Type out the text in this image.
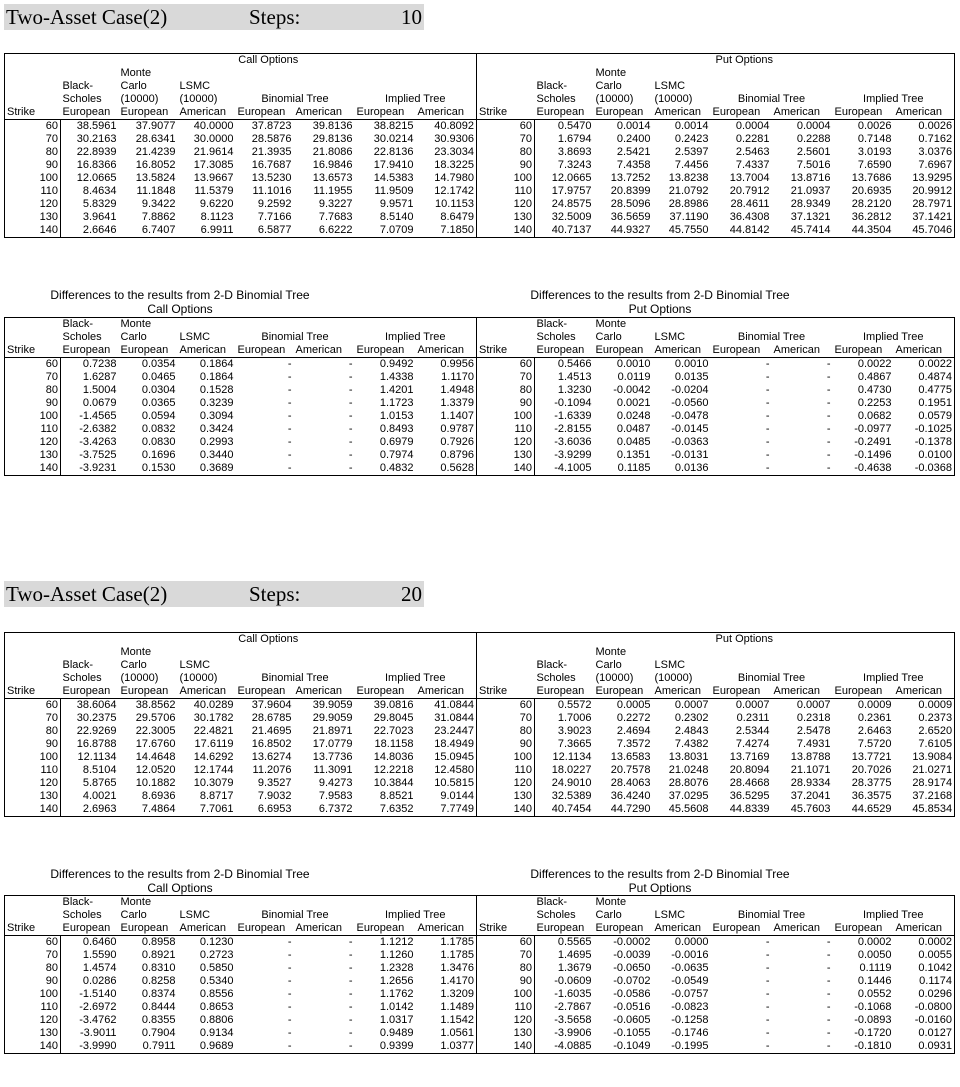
Two-Asset Case(2)	Steps:	10
	Call Options								Put Options						
		Monte								Monte					
	Black-	Carlo	LSMC						Black-	Carlo	LSMC				
	Scholes	(10000)	(10000)	Binomial Tree		Implied Tree			Scholes	(10000)	(10000)	Binomial Tree		Implied Tree	
Strike	European	European	American	European	American	European	American	Strike	European	European	American	European	American	European	American
60	38.5961	37.9077	40.0000	37.8723	39.8136	38.8215	40.8092	60	0.5470	0.0014	0.0014	0.0004	0.0004	0.0026	0.0026
70	30.2163	28.6341	30.0000	28.5876	29.8136	30.0214	30.9306	70	1.6794	0.2400	0.2423	0.2281	0.2288	0.7148	0.7162
80	22.8939	21.4239	21.9614	21.3935	21.8086	22.8136	23.3034	80	3.8693	2.5421	2.5397	2.5463	2.5601	3.0193	3.0376
90	16.8366	16.8052	17.3085	16.7687	16.9846	17.9410	18.3225	90	7.3243	7.4358	7.4456	7.4337	7.5016	7.6590	7.6967
100	12.0665	13.5824	13.9667	13.5230	13.6573	14.5383	14.7980	100	12.0665	13.7252	13.8238	13.7004	13.8716	13.7686	13.9295
110	8.4634	11.1848	11.5379	11.1016	11.1955	11.9509	12.1742	110	17.9757	20.8399	21.0792	20.7912	21.0937	20.6935	20.9912
120	5.8329	9.3422	9.6220	9.2592	9.3227	9.9571	10.1153	120	24.8575	28.5096	28.8986	28.4611	28.9349	28.2120	28.7971
130	3.9641	7.8862	8.1123	7.7166	7.7683	8.5140	8.6479	130	32.5009	36.5659	37.1190	36.4308	37.1321	36.2812	37.1421
140	2.6646	6.7407	6.9911	6.5877	6.6222	7.0709	7.1850	140	40.7137	44.9327	45.7550	44.8142	45.7414	44.3504	45.7046
Differences to the results from 2-D Binomial Tree
Call Options
Differences to the results from 2-D Binomial Tree
Put Options
	Black-	Monte							Black-	Monte					
	Scholes	Carlo	LSMC	Binomial Tree		Implied Tree			Scholes	Carlo	LSMC	Binomial Tree		Implied Tree	
Strike	European	European	American	European	American	European	American	Strike	European	European	American	European	American	European	American
60	0.7238	0.0354	0.1864	-	-	0.9492	0.9956	60	0.5466	0.0010	0.0010	-	-	0.0022	0.0022
70	1.6287	0.0465	0.1864	-	-	1.4338	1.1170	70	1.4513	0.0119	0.0135	-	-	0.4867	0.4874
80	1.5004	0.0304	0.1528	-	-	1.4201	1.4948	80	1.3230	-0.0042	-0.0204	-	-	0.4730	0.4775
90	0.0679	0.0365	0.3239	-	-	1.1723	1.3379	90	-0.1094	0.0021	-0.0560	-	-	0.2253	0.1951
100	-1.4565	0.0594	0.3094	-	-	1.0153	1.1407	100	-1.6339	0.0248	-0.0478	-	-	0.0682	0.0579
110	-2.6382	0.0832	0.3424	-	-	0.8493	0.9787	110	-2.8155	0.0487	-0.0145	-	-	-0.0977	-0.1025
120	-3.4263	0.0830	0.2993	-	-	0.6979	0.7926	120	-3.6036	0.0485	-0.0363	-	-	-0.2491	-0.1378
130	-3.7525	0.1696	0.3440	-	-	0.7974	0.8796	130	-3.9299	0.1351	-0.0131	-	-	-0.1496	0.0100
140	-3.9231	0.1530	0.3689	-	-	0.4832	0.5628	140	-4.1005	0.1185	0.0136	-	-	-0.4638	-0.0368
Two-Asset Case(2)	Steps:	20
	Call Options								Put Options						
		Monte								Monte					
	Black-	Carlo	LSMC						Black-	Carlo	LSMC				
	Scholes	(10000)	(10000)	Binomial Tree		Implied Tree			Scholes	(10000)	(10000)	Binomial Tree		Implied Tree	
Strike	European	European	American	European	American	European	American	Strike	European	European	American	European	American	European	American
60	38.6064	38.8562	40.0289	37.9604	39.9059	39.0816	41.0844	60	0.5572	0.0005	0.0007	0.0007	0.0007	0.0009	0.0009
70	30.2375	29.5706	30.1782	28.6785	29.9059	29.8045	31.0844	70	1.7006	0.2272	0.2302	0.2311	0.2318	0.2361	0.2373
80	22.9269	22.3005	22.4821	21.4695	21.8971	22.7023	23.2447	80	3.9023	2.4694	2.4843	2.5344	2.5478	2.6463	2.6520
90	16.8788	17.6760	17.6119	16.8502	17.0779	18.1158	18.4949	90	7.3665	7.3572	7.4382	7.4274	7.4931	7.5720	7.6105
100	12.1134	14.4648	14.6292	13.6274	13.7736	14.8036	15.0945	100	12.1134	13.6583	13.8031	13.7169	13.8788	13.7721	13.9084
110	8.5104	12.0520	12.1744	11.2076	11.3091	12.2218	12.4580	110	18.0227	20.7578	21.0248	20.8094	21.1071	20.7026	21.0271
120	5.8765	10.1882	10.3079	9.3527	9.4273	10.3844	10.5815	120	24.9010	28.4063	28.8076	28.4668	28.9334	28.3775	28.9174
130	4.0021	8.6936	8.8717	7.9032	7.9583	8.8521	9.0144	130	32.5389	36.4240	37.0295	36.5295	37.2041	36.3575	37.2168
140	2.6963	7.4864	7.7061	6.6953	6.7372	7.6352	7.7749	140	40.7454	44.7290	45.5608	44.8339	45.7603	44.6529	45.8534
Differences to the results from 2-D Binomial Tree
Call Options
Differences to the results from 2-D Binomial Tree
Put Options
	Black-	Monte							Black-	Monte					
	Scholes	Carlo	LSMC	Binomial Tree		Implied Tree			Scholes	Carlo	LSMC	Binomial Tree		Implied Tree	
Strike	European	European	American	European	American	European	American	Strike	European	European	American	European	American	European	American
60	0.6460	0.8958	0.1230	-	-	1.1212	1.1785	60	0.5565	-0.0002	0.0000	-	-	0.0002	0.0002
70	1.5590	0.8921	0.2723	-	-	1.1260	1.1785	70	1.4695	-0.0039	-0.0016	-	-	0.0050	0.0055
80	1.4574	0.8310	0.5850	-	-	1.2328	1.3476	80	1.3679	-0.0650	-0.0635	-	-	0.1119	0.1042
90	0.0286	0.8258	0.5340	-	-	1.2656	1.4170	90	-0.0609	-0.0702	-0.0549	-	-	0.1446	0.1174
100	-1.5140	0.8374	0.8556	-	-	1.1762	1.3209	100	-1.6035	-0.0586	-0.0757	-	-	0.0552	0.0296
110	-2.6972	0.8444	0.8653	-	-	1.0142	1.1489	110	-2.7867	-0.0516	-0.0823	-	-	-0.1068	-0.0800
120	-3.4762	0.8355	0.8806	-	-	1.0317	1.1542	120	-3.5658	-0.0605	-0.1258	-	-	-0.0893	-0.0160
130	-3.9011	0.7904	0.9134	-	-	0.9489	1.0561	130	-3.9906	-0.1055	-0.1746	-	-	-0.1720	0.0127
140	-3.9990	0.7911	0.9689	-	-	0.9399	1.0377	140	-4.0885	-0.1049	-0.1995	-	-	-0.1810	0.0931
